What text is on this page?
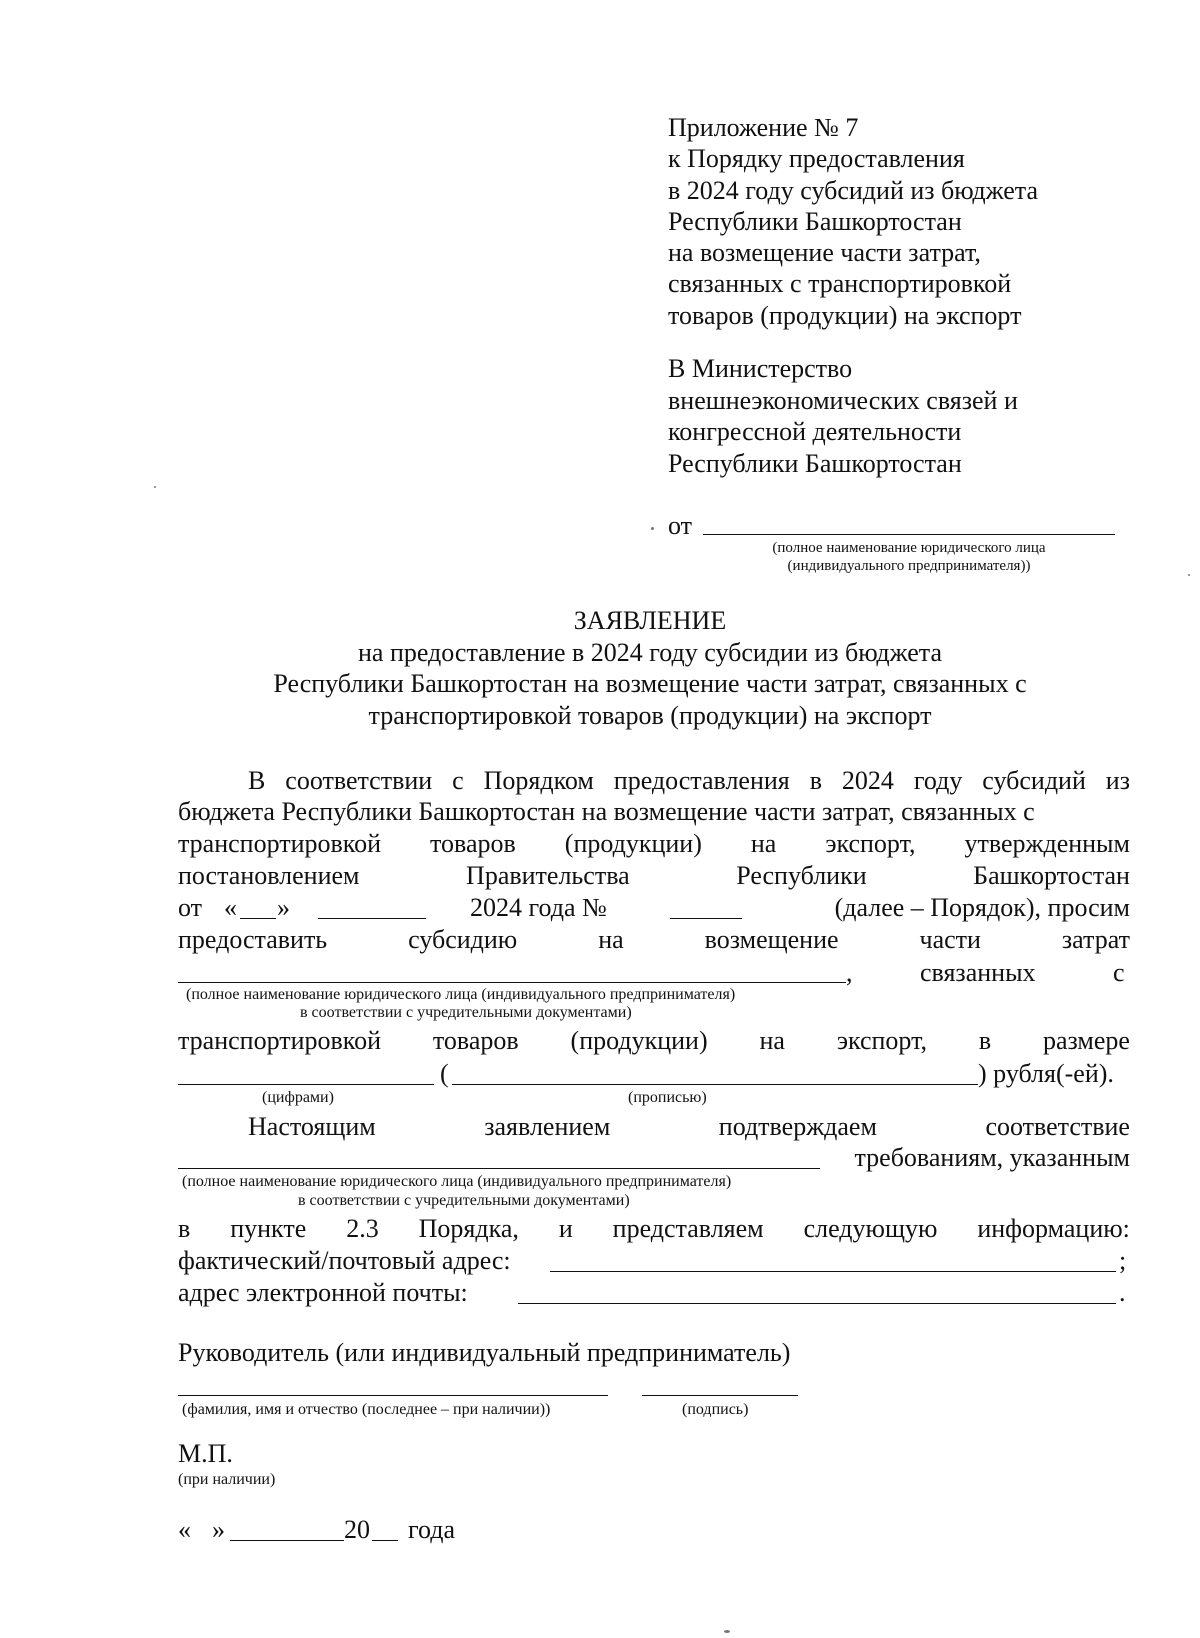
Приложение № 7
к Порядку предоставления
в 2024 году субсидий из бюджета
Республики Башкортостан
на возмещение части затрат,
связанных с транспортировкой
товаров (продукции) на экспорт
В Министерство
внешнеэкономических связей и
конгрессной деятельности
Республики Башкортостан
от
(полное наименование юридического лица
(индивидуального предпринимателя))
ЗАЯВЛЕНИЕ
на предоставление в 2024 году субсидии из бюджета
Республики Башкортостан на возмещение части затрат, связанных с
транспортировкой товаров (продукции) на экспорт
В соответствии с Порядком предоставления в 2024 году субсидий из
бюджета Республики Башкортостан на возмещение части затрат, связанных с
транспортировкой товаров (продукции) на экспорт, утвержденным
постановлением	Правительства	Республики	Башкортостан
от « »	2024 года №	(далее – Порядок), просим
предоставить	субсидию	на	возмещение	части	затрат
,	связанных	с
(полное наименование юридического лица (индивидуального предпринимателя)
в соответствии с учредительными документами)
транспортировкой товаров (продукции) на экспорт, в размере
(	) рубля(-ей).
(цифрами)	(прописью)
Настоящим	заявлением	подтверждаем	соответствие
требованиям, указанным
(полное наименование юридического лица (индивидуального предпринимателя)
в соответствии с учредительными документами)
в пункте 2.3 Порядка, и представляем следующую информацию:
фактический/почтовый адрес:	;
адрес электронной почты:	.
Руководитель (или индивидуальный предприниматель)
(фамилия, имя и отчество (последнее – при наличии))	(подпись)
М.П.
(при наличии)
« »	20 года
